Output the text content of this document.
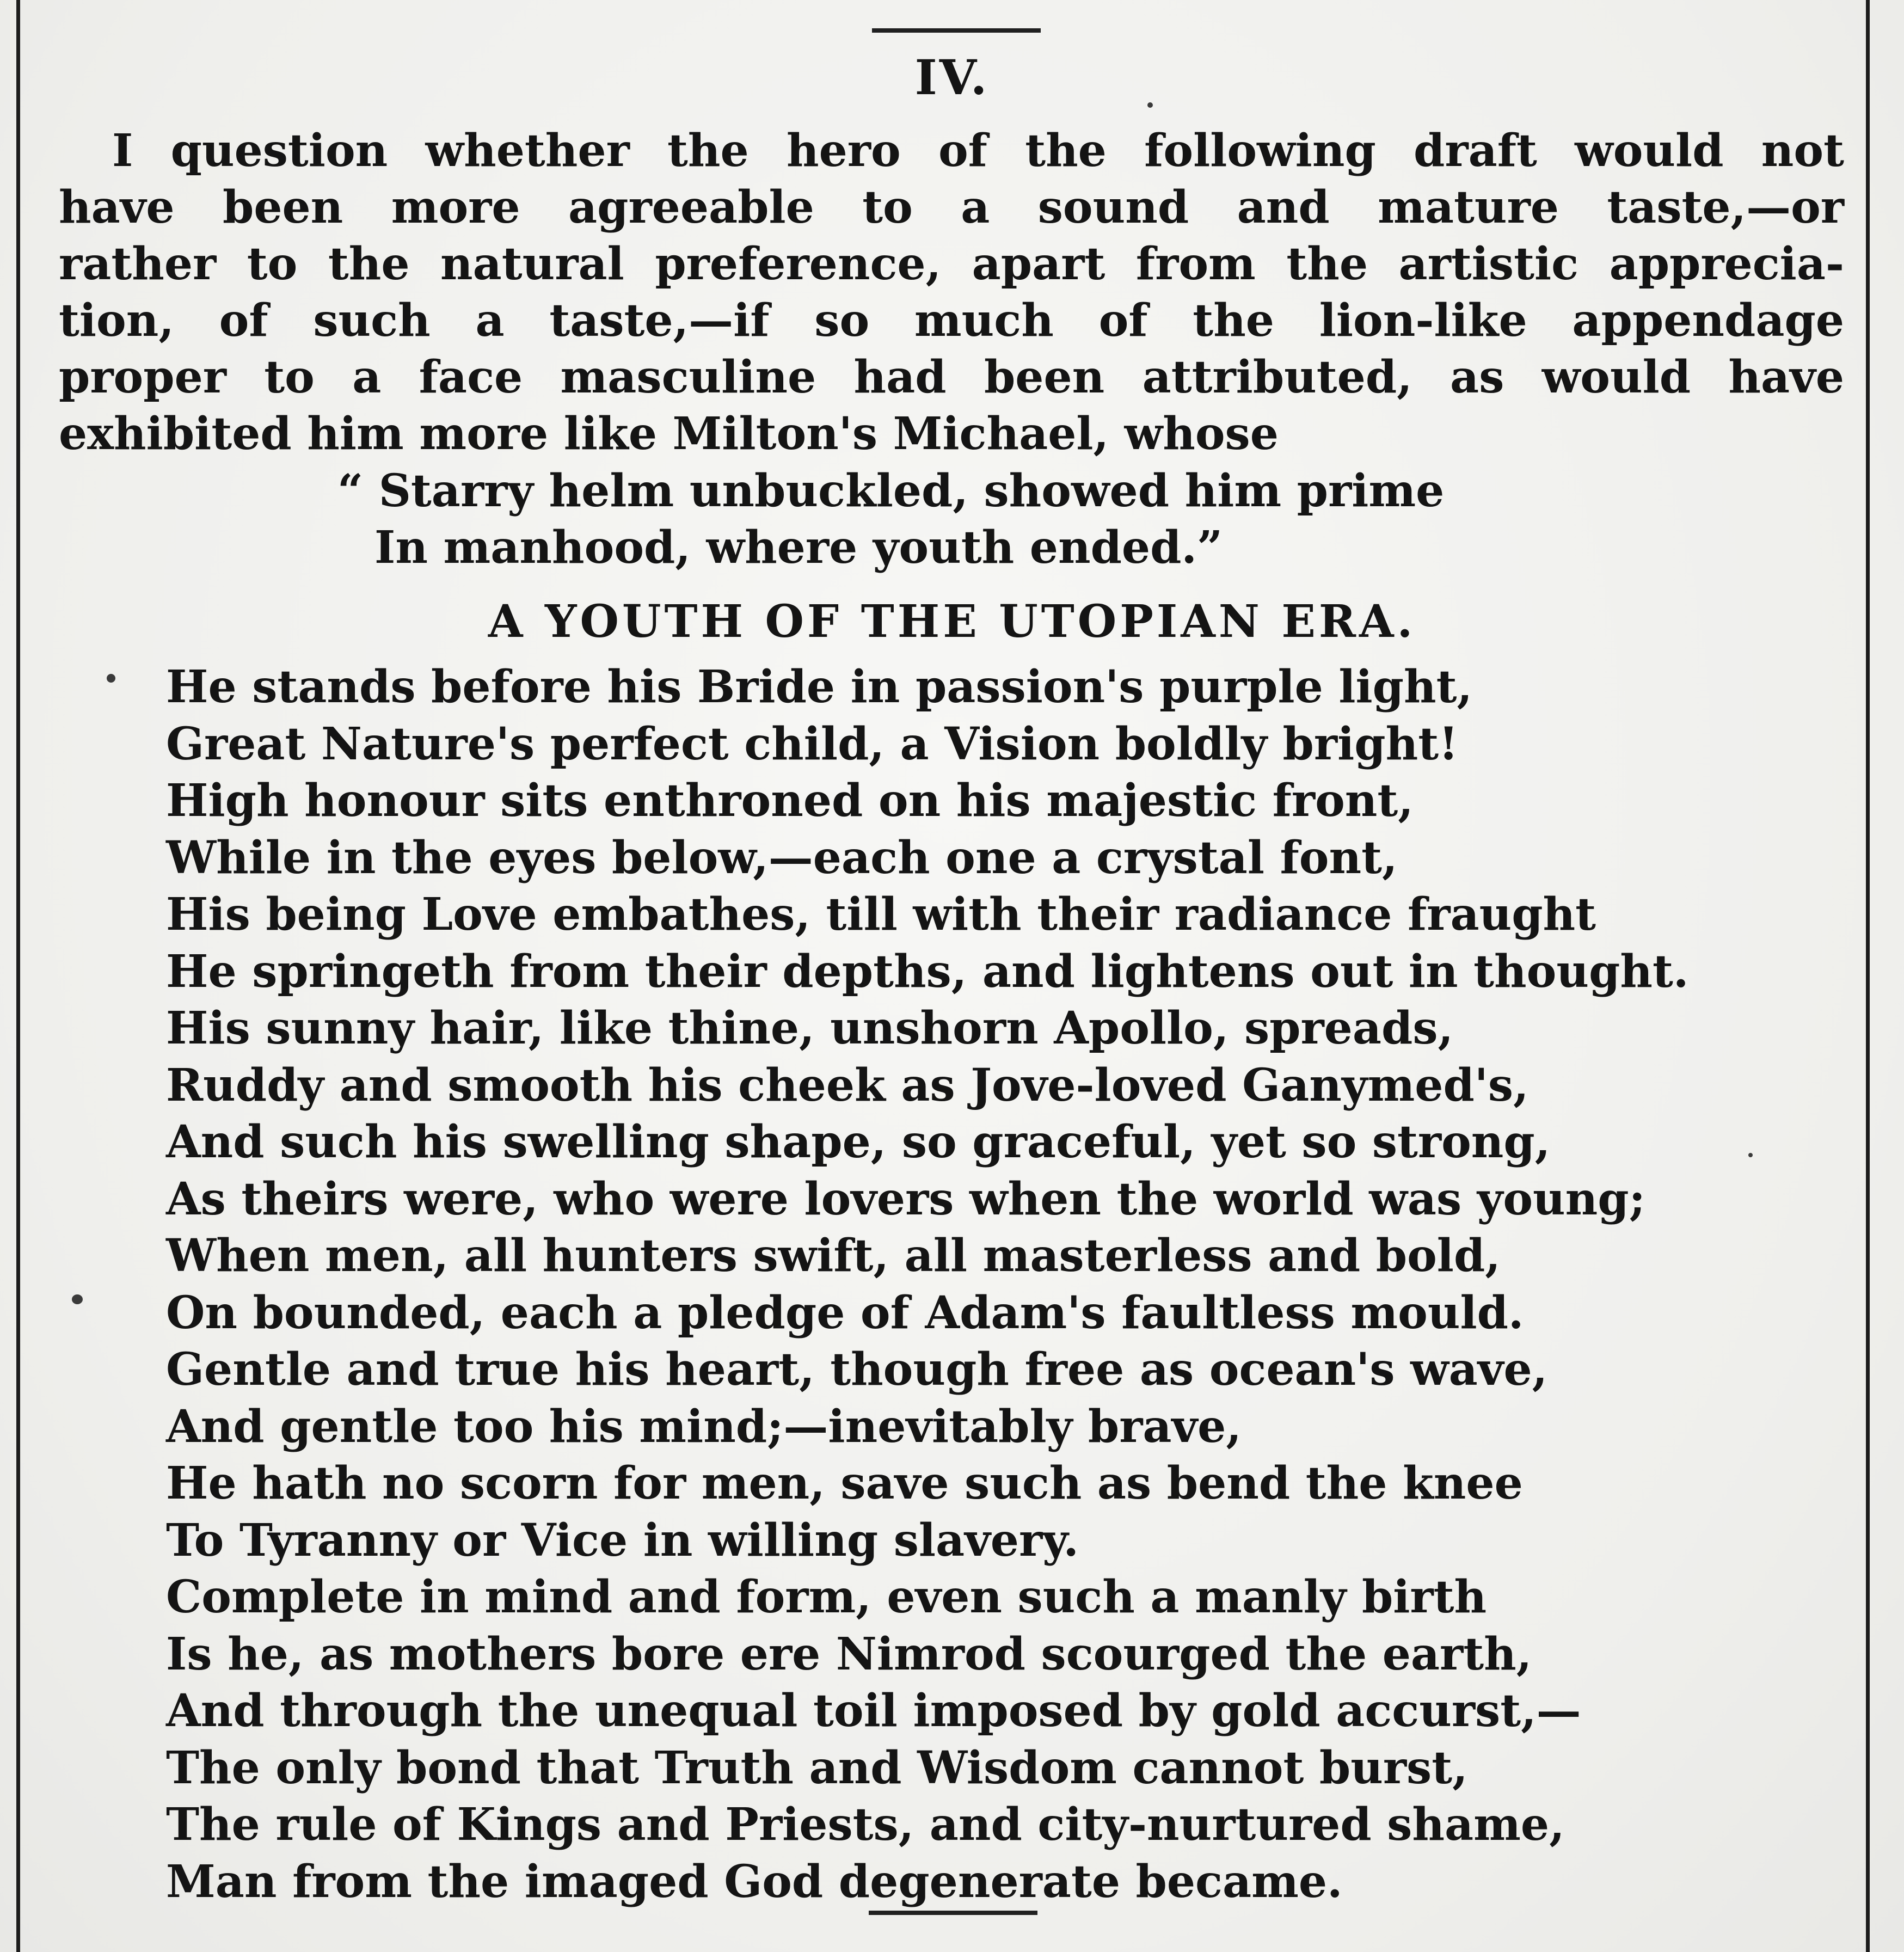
IV.
I question whether the hero of the following draft would not
have been more agreeable to a sound and mature taste,—or
rather to the natural preference, apart from the artistic apprecia-
tion, of such a taste,—if so much of the lion-like appendage
proper to a face masculine had been attributed, as would have
exhibited him more like Milton's Michael, whose
“ Starry helm unbuckled, showed him prime
In manhood, where youth ended.”
A YOUTH OF THE UTOPIAN ERA.
He stands before his Bride in passion's purple light,
Great Nature's perfect child, a Vision boldly bright!
High honour sits enthroned on his majestic front,
While in the eyes below,—each one a crystal font,
His being Love embathes, till with their radiance fraught
He springeth from their depths, and lightens out in thought.
His sunny hair, like thine, unshorn Apollo, spreads,
Ruddy and smooth his cheek as Jove-loved Ganymed's,
And such his swelling shape, so graceful, yet so strong,
As theirs were, who were lovers when the world was young;
When men, all hunters swift, all masterless and bold,
On bounded, each a pledge of Adam's faultless mould.
Gentle and true his heart, though free as ocean's wave,
And gentle too his mind;—inevitably brave,
He hath no scorn for men, save such as bend the knee
To Tyranny or Vice in willing slavery.
Complete in mind and form, even such a manly birth
Is he, as mothers bore ere Nimrod scourged the earth,
And through the unequal toil imposed by gold accurst,—
The only bond that Truth and Wisdom cannot burst,
The rule of Kings and Priests, and city-nurtured shame,
Man from the imaged God degenerate became.
